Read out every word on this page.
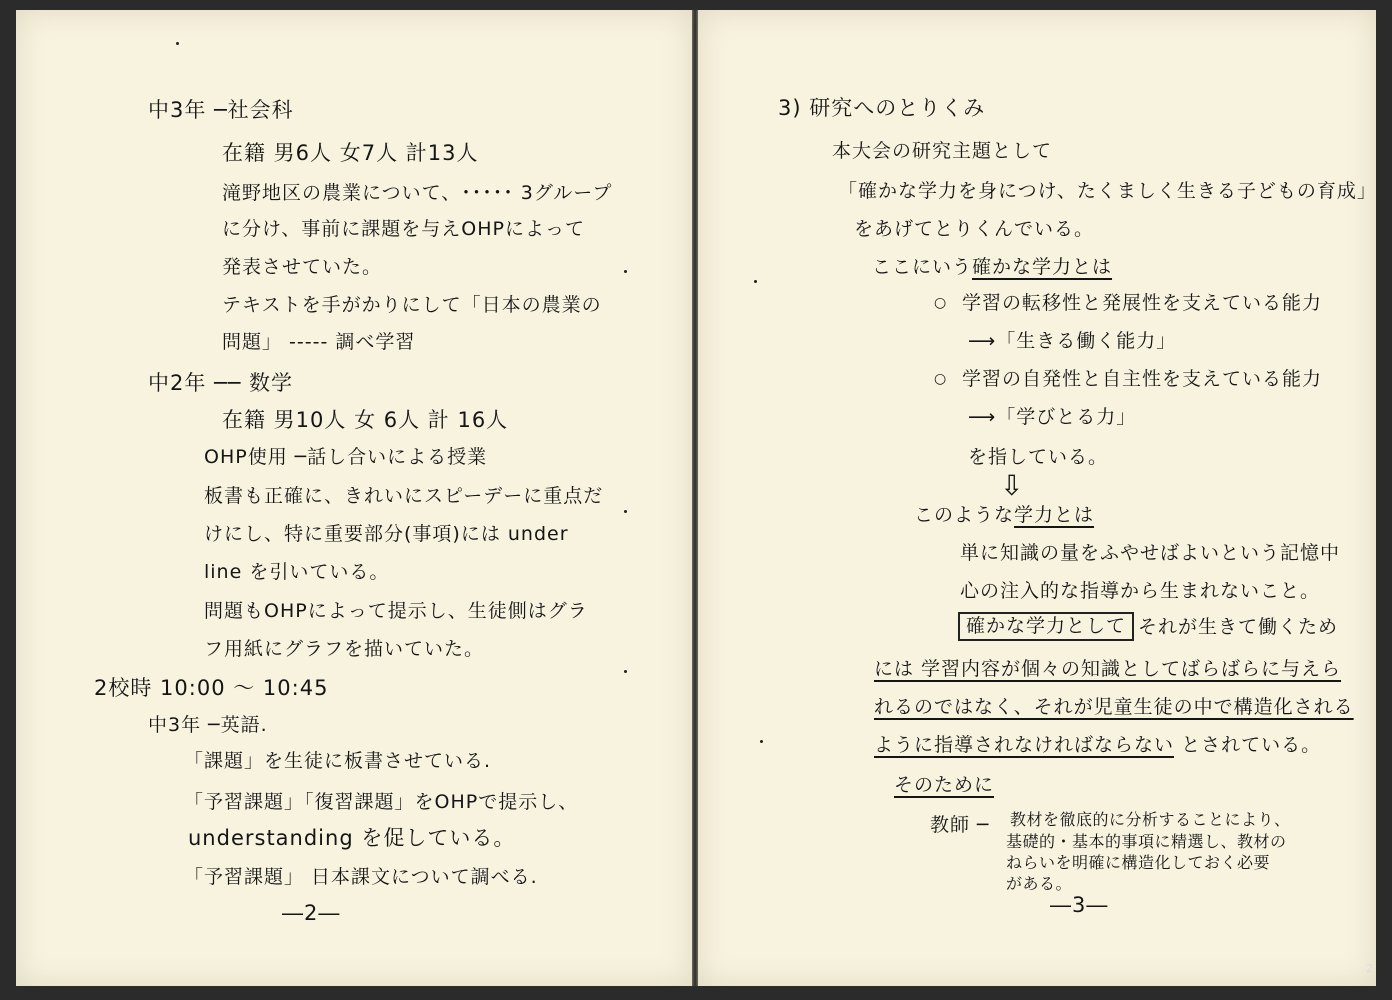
中3年 ─社会科
在籍 男6人 女7人 計13人
滝野地区の農業について、･････ 3グループ
に分け、事前に課題を与えOHPによって
発表させていた。
テキストを手がかりにして「日本の農業の
問題」 ----- 調べ学習
中2年 ── 数学
在籍 男10人 女 6人 計 16人
OHP使用 ─話し合いによる授業
板書も正確に、きれいにスピーデーに重点だ
けにし、特に重要部分(事項)には under
line を引いている。
問題もOHPによって提示し、生徒側はグラ
フ用紙にグラフを描いていた。
2校時 10:00 〜 10:45
中3年 ─英語.
「課題」を生徒に板書させている.
「予習課題」「復習課題」をOHPで提示し、
understanding を促している。
「予習課題」 日本課文について調べる.
―2―
3) 研究へのとりくみ
本大会の研究主題として
「確かな学力を身につけ、たくましく生きる子どもの育成」
をあげてとりくんでいる。
ここにいう確かな学力とは
○ 学習の転移性と発展性を支えている能力
⟶「生きる働く能力」
○ 学習の自発性と自主性を支えている能力
⟶「学びとる力」
を指している。
⇩
このような学力とは
単に知識の量をふやせばよいという記憶中
心の注入的な指導から生まれないこと。
確かな学力として それが生きて働くため
には 学習内容が個々の知識としてばらばらに与えら
れるのではなく、それが児童生徒の中で構造化される
ように指導されなければならない とされている。
そのために
教師 ─ 教材を徹底的に分析することにより、
基礎的・基本的事項に精選し、教材の
ねらいを明確に構造化しておく必要
がある。
―3―
2
